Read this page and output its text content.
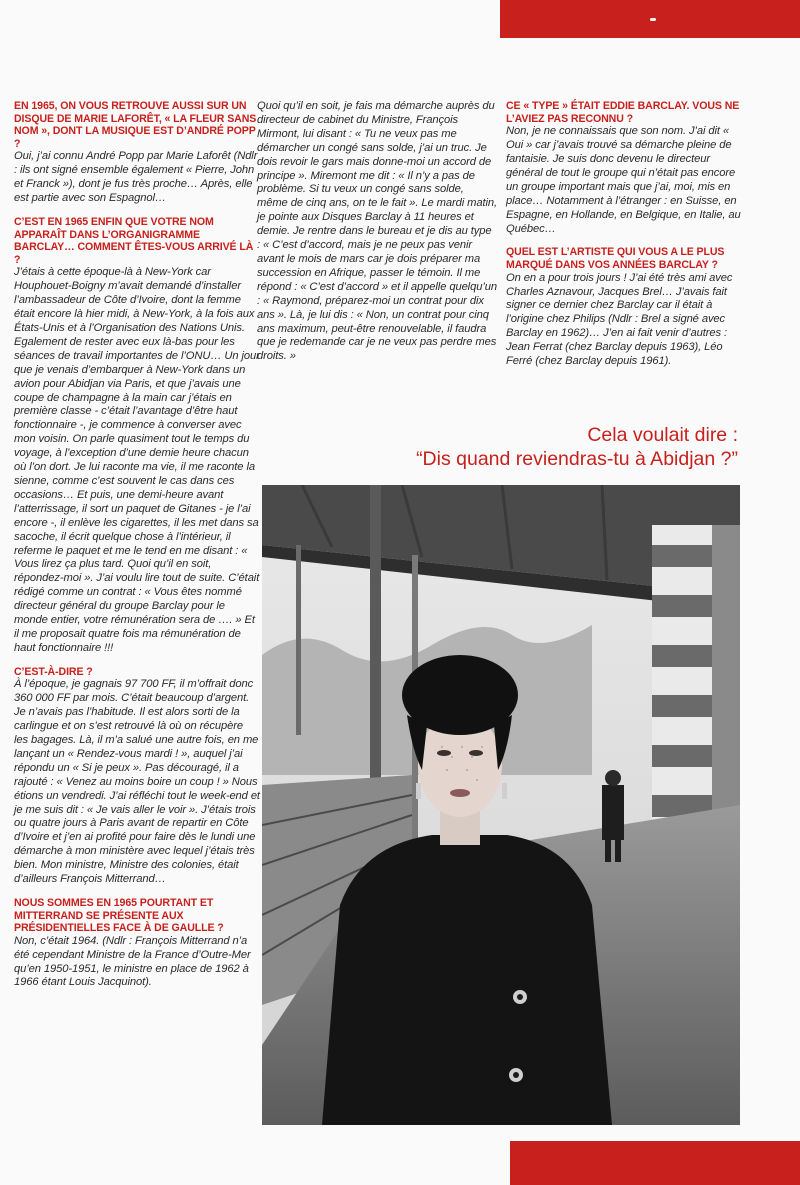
EN 1965, ON VOUS RETROUVE AUSSI SUR UN DISQUE DE MARIE LAFORÊT, « LA FLEUR SANS NOM », DONT LA MUSIQUE EST D’ANDRÉ POPP ?
Oui, j’ai connu André Popp par Marie Laforêt (Ndlr : ils ont signé ensemble également « Pierre, John et Franck »), dont je fus très proche… Après, elle est partie avec son Espagnol…
C’EST EN 1965 ENFIN QUE VOTRE NOM APPARAÎT DANS L’ORGANIGRAMME BARCLAY… COMMENT ÊTES-VOUS ARRIVÉ LÀ ?
J’étais à cette époque-là à New-York car Houphouet-Boigny m’avait demandé d’installer l’ambassadeur de Côte d’Ivoire, dont la femme était encore là hier midi, à New-York, à la fois aux États-Unis et à l’Organisation des Nations Unis. Egalement de rester avec eux là-bas pour les séances de travail importantes de l’ONU… Un jour que je venais d’embarquer à New-York dans un avion pour Abidjan via Paris, et que j’avais une coupe de champagne à la main car j’étais en première classe - c’était l’avantage d’être haut fonctionnaire -, je commence à converser avec mon voisin. On parle quasiment tout le temps du voyage, à l’exception d’une demie heure chacun où l’on dort. Je lui raconte ma vie, il me raconte la sienne, comme c’est souvent le cas dans ces occasions… Et puis, une demi-heure avant l’atterrissage, il sort un paquet de Gitanes - je l’ai encore -, il enlève les cigarettes, il les met dans sa sacoche, il écrit quelque chose à l’intérieur, il referme le paquet et me le tend en me disant : « Vous lirez ça plus tard. Quoi qu’il en soit, répondez-moi ». J’ai voulu lire tout de suite. C’était rédigé comme un contrat : « Vous êtes nommé directeur général du groupe Barclay pour le monde entier, votre rémunération sera de …. » Et il me proposait quatre fois ma rémunération de haut fonctionnaire !!!
C’EST-À-DIRE ?
À l’époque, je gagnais 97 700 FF, il m’offrait donc 360 000 FF par mois. C’était beaucoup d’argent. Je n’avais pas l’habitude. Il est alors sorti de la carlingue et on s’est retrouvé là où on récupère les bagages. Là, il m’a salué une autre fois, en me lançant un « Rendez-vous mardi ! », auquel j’ai répondu un « Si je peux ». Pas découragé, il a rajouté : « Venez au moins boire un coup ! » Nous étions un vendredi. J’ai réfléchi tout le week-end et je me suis dit : « Je vais aller le voir ». J’étais trois ou quatre jours à Paris avant de repartir en Côte d’Ivoire et j’en ai profité pour faire dès le lundi une démarche à mon ministère avec lequel j’étais très bien. Mon ministre, Ministre des colonies, était d’ailleurs François Mitterrand…
NOUS SOMMES EN 1965 POURTANT ET MITTERRAND SE PRÉSENTE AUX PRÉSIDENTIELLES FACE À DE GAULLE ?
Non, c’était 1964. (Ndlr : François Mitterrand n’a été cependant Ministre de la France d’Outre-Mer qu’en 1950-1951, le ministre en place de 1962 à 1966 étant Louis Jacquinot).
Quoi qu’il en soit, je fais ma démarche auprès du directeur de cabinet du Ministre, François Mirmont, lui disant : « Tu ne veux pas me démarcher un congé sans solde, j’ai un truc. Je dois revoir le gars mais donne-moi un accord de principe ». Miremont me dit : « Il n’y a pas de problème. Si tu veux un congé sans solde, même de cinq ans, on te le fait ». Le mardi matin, je pointe aux Disques Barclay à 11 heures et demie. Je rentre dans le bureau et je dis au type : « C’est d’accord, mais je ne peux pas venir avant le mois de mars car je dois préparer ma succession en Afrique, passer le témoin. Il me répond : « C’est d’accord » et il appelle quelqu’un : « Raymond, préparez-moi un contrat pour dix ans ». Là, je lui dis : « Non, un contrat pour cinq ans maximum, peut-être renouvelable, il faudra que je redemande car je ne veux pas perdre mes droits. »
CE « TYPE » ÉTAIT EDDIE BARCLAY. VOUS NE L’AVIEZ PAS RECONNU ?
Non, je ne connaissais que son nom. J’ai dit « Oui » car j’avais trouvé sa démarche pleine de fantaisie. Je suis donc devenu le directeur général de tout le groupe qui n’était pas encore un groupe important mais que j’ai, moi, mis en place… Notamment à l’étranger : en Suisse, en Espagne, en Hollande, en Belgique, en Italie, au Québec…
QUEL EST L’ARTISTE QUI VOUS A LE PLUS MARQUÉ DANS VOS ANNÉES BARCLAY ?
On en a pour trois jours ! J’ai été très ami avec Charles Aznavour, Jacques Brel… J’avais fait signer ce dernier chez Barclay car il était à l’origine chez Philips (Ndlr : Brel a signé avec Barclay en 1962)… J’en ai fait venir d’autres : Jean Ferrat (chez Barclay depuis 1963), Léo Ferré (chez Barclay depuis 1961).
Cela voulait dire :
“Dis quand reviendras-tu à Abidjan ?”
